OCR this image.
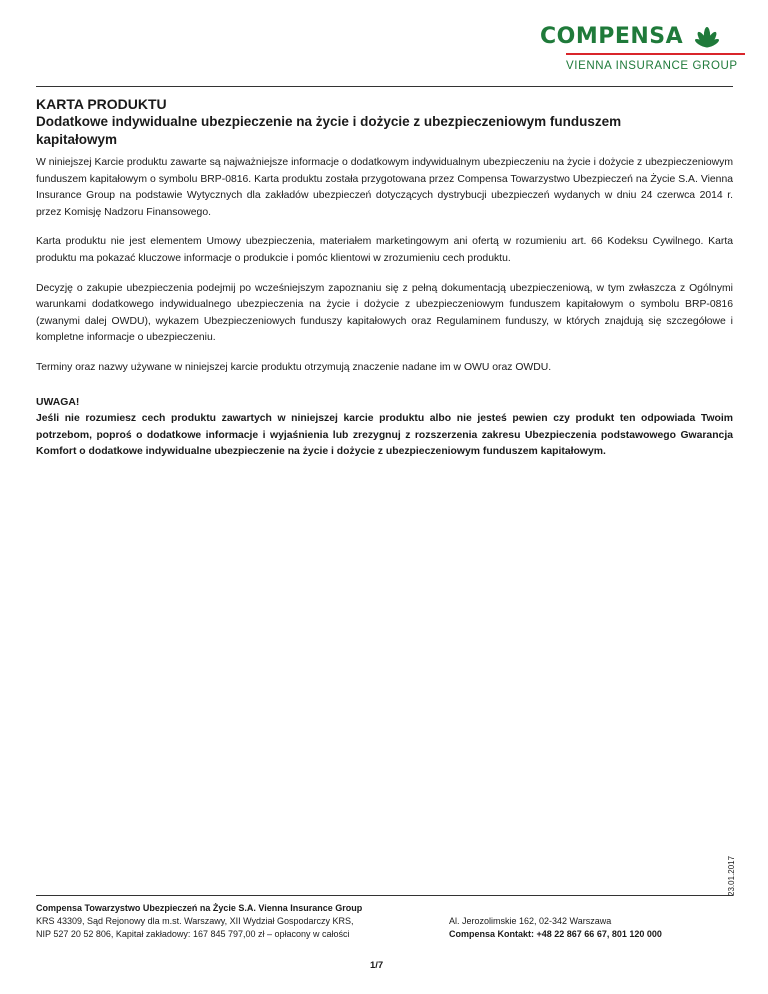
COMPENSA
VIENNA INSURANCE GROUP
KARTA PRODUKTU
Dodatkowe indywidualne ubezpieczenie na życie i dożycie z ubezpieczeniowym funduszem kapitałowym

W niniejszej Karcie produktu zawarte są najważniejsze informacje o dodatkowym indywidualnym ubezpieczeniu na życie i dożycie z ubezpieczeniowym funduszem kapitałowym o symbolu BRP-0816. Karta produktu została przygotowana przez Compensa Towarzystwo Ubezpieczeń na Życie S.A. Vienna Insurance Group na podstawie Wytycznych dla zakładów ubezpieczeń dotyczących dystrybucji ubezpieczeń wydanych w dniu 24 czerwca 2014 r. przez Komisję Nadzoru Finansowego.

Karta produktu nie jest elementem Umowy ubezpieczenia, materiałem marketingowym ani ofertą w rozumieniu art. 66 Kodeksu Cywilnego. Karta produktu ma pokazać kluczowe informacje o produkcie i pomóc klientowi w zrozumieniu cech produktu.

Decyzję o zakupie ubezpieczenia podejmij po wcześniejszym zapoznaniu się z pełną dokumentacją ubezpieczeniową, w tym zwłaszcza z Ogólnymi warunkami dodatkowego indywidualnego ubezpieczenia na życie i dożycie z ubezpieczeniowym funduszem kapitałowym o symbolu BRP-0816 (zwanymi dalej OWDU), wykazem Ubezpieczeniowych funduszy kapitałowych oraz Regulaminem funduszy, w których znajdują się szczegółowe i kompletne informacje o ubezpieczeniu.

Terminy oraz nazwy używane w niniejszej karcie produktu otrzymują znaczenie nadane im w OWU oraz OWDU.

UWAGA!

Jeśli nie rozumiesz cech produktu zawartych w niniejszej karcie produktu albo nie jesteś pewien czy produkt ten odpowiada Twoim potrzebom, poproś o dodatkowe informacje i wyjaśnienia lub zrezygnuj z rozszerzenia zakresu Ubezpieczenia podstawowego Gwarancja Komfort o dodatkowe indywidualne ubezpieczenie na życie i dożycie z ubezpieczeniowym funduszem kapitałowym.

Compensa Towarzystwo Ubezpieczeń na Życie S.A. Vienna Insurance Group
KRS 43309, Sąd Rejonowy dla m.st. Warszawy, XII Wydział Gospodarczy KRS,
NIP 527 20 52 806, Kapitał zakładowy: 167 845 797,00 zł – opłacony w całości
Al. Jerozolimskie 162, 02-342 Warszawa
Compensa Kontakt: +48 22 867 66 67, 801 120 000
23.01.2017
1/7
